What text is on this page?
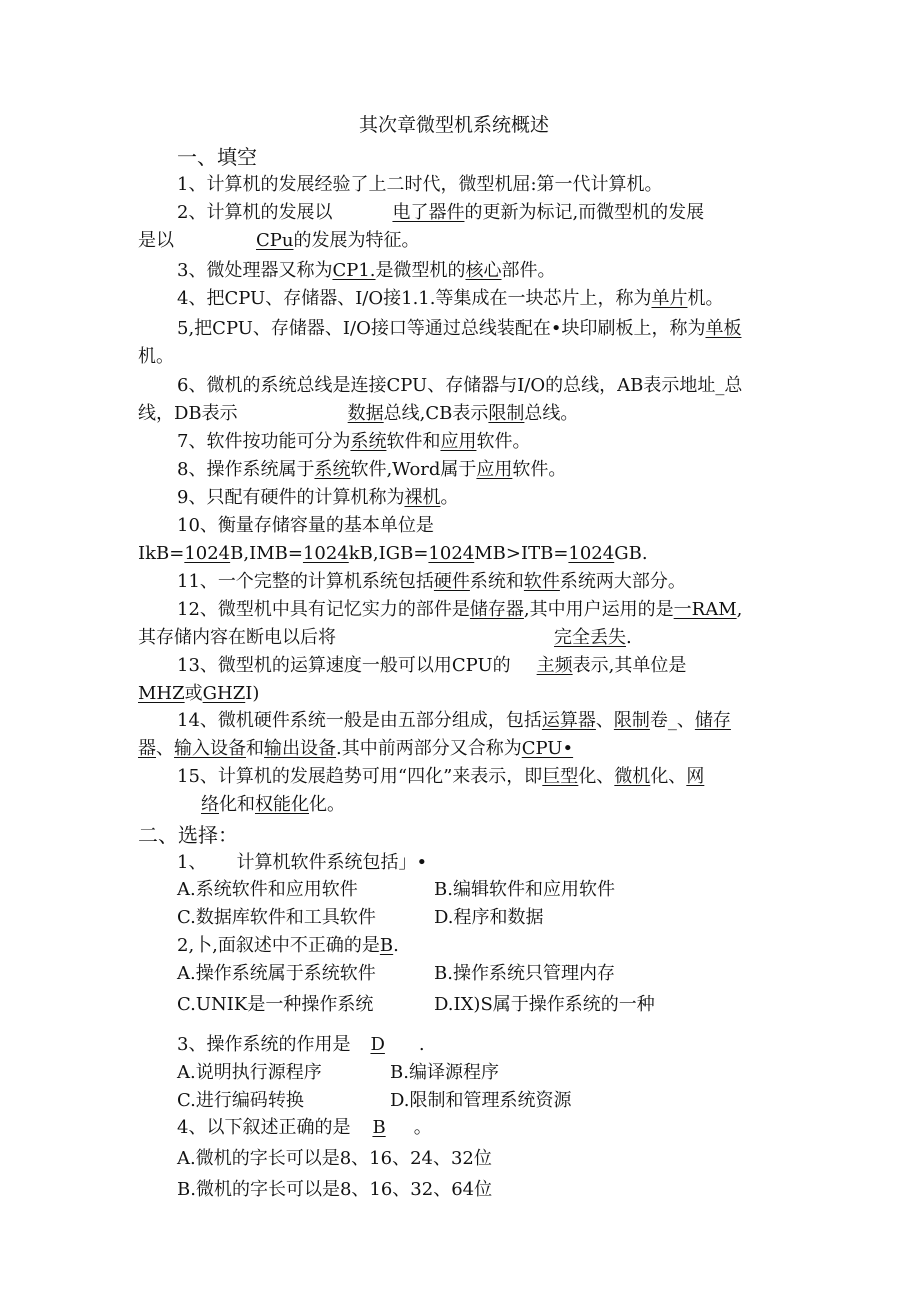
其次章微型机系统概述
一、填空
二、选择：
1、计算机的发展经验了上二时代，微型机屈:第一代计算机。
2、计算机的发展以	电了器件的更新为标记,而微型机的发展
是以	CPu的发展为特征。
3、微处理器又称为CP1.是微型机的核心部件。
4、把CPU、存储器、I/O接1.1.等集成在一块芯片上，称为单片机。
5,把CPU、存储器、I/O接口等通过总线装配在•块印刷板上，称为单板
机。
6、微机的系统总线是连接CPU、存储器与I/O的总线，AB表示地址_总
线，DB表示	数据总线,CB表示限制总线。
7、软件按功能可分为系统软件和应用软件。
8、操作系统属于系统软件,Word属于应用软件。
9、只配有硬件的计算机称为裸机。
10、衡量存储容量的基本单位是
IkB=1024B,IMB=1024kB,IGB=1024MB>ITB=1024GB.
11、一个完整的计算机系统包括硬件系统和软件系统两大部分。
12、微型机中具有记忆实力的部件是储存器,其中用户运用的是一RAM,
其存储内容在断电以后将	完全丢失.
13、微型机的运算速度一般可以用CPU的 主频表示,其单位是
MHZ或GHZI)
14、微机硬件系统一般是由五部分组成，包括运算器、限制卷_、储存
器、输入设备和输出设备.其中前两部分又合称为CPU•
15、计算机的发展趋势可用“四化”来表示，即巨型化、微机化、网
络化和权能化化。
1、 计算机软件系统包括」•
A.系统软件和应用软件	B.编辑软件和应用软件
C.数据库软件和工具软件	D.程序和数据
2,卜,面叙述中不正确的是B.
A.操作系统属于系统软件	B.操作系统只管理内存
C.UNIK是一种操作系统	D.IX)S属于操作系统的一种
3、操作系统的作用是 D .
A.说明执行源程序	B.编译源程序
C.进行编码转换	D.限制和管理系统资源
4、以下叙述正确的是 B 。
A.微机的字长可以是8、16、24、32位
B.微机的字长可以是8、16、32、64位
